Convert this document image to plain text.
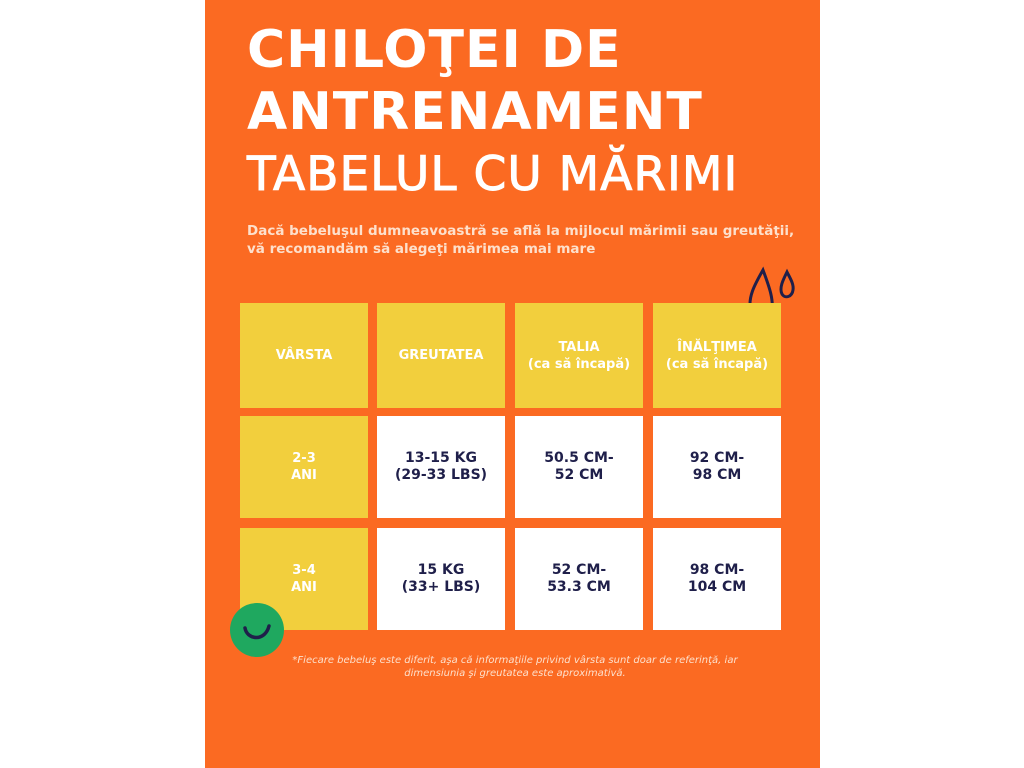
CHILOŢEI DE
ANTRENAMENT
TABELUL CU MĂRIMI
Dacă bebeluşul dumneavoastră se află la mijlocul mărimii sau greutăţii, vă recomandăm să alegeţi mărimea mai mare
VÂRSTA	GREUTATEA
TALIA
(ca să încapă)
ÎNĂLŢIMEA
(ca să încapă)
2-3
ANI
13-15 KG
(29-33 LBS)
50.5 CM-
52 CM
92 CM-
98 CM
3-4
ANI
15 KG
(33+ LBS)
52 CM-
53.3 CM
98 CM-
104 CM
*Fiecare bebeluş este diferit, aşa că informaţiile privind vârsta sunt doar de referinţă, iar dimensiunia şi greutatea este aproximativă.
